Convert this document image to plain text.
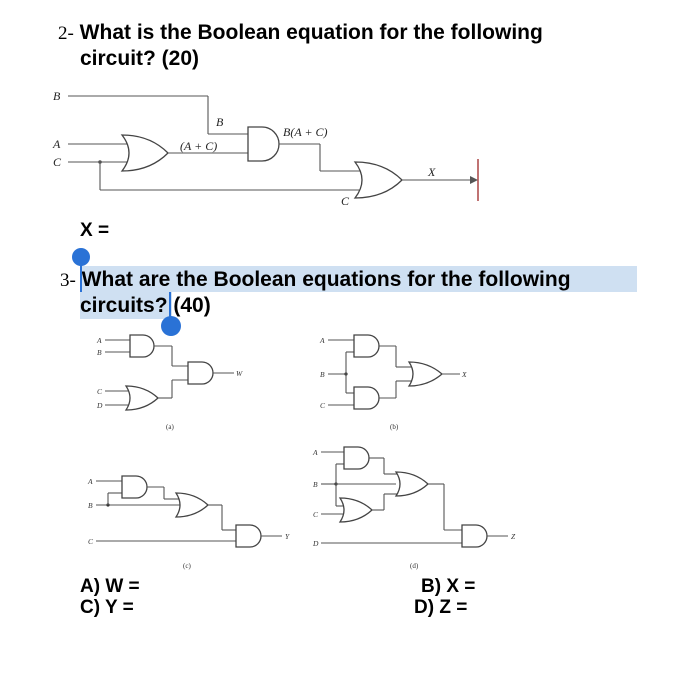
2- What is the Boolean equation for the following
circuit? (20)
B
A
C
(A + C)
B
B(A + C)
C
X
X =
3- What are the Boolean equations for the following
circuits? (40)
A
B
C
D
W
(a)
A
B
C
X
(b)
A
B
C
Y
(c)
A
B
C
D
Z
(d)
A) W =
C) Y =
B) X =
D) Z =
